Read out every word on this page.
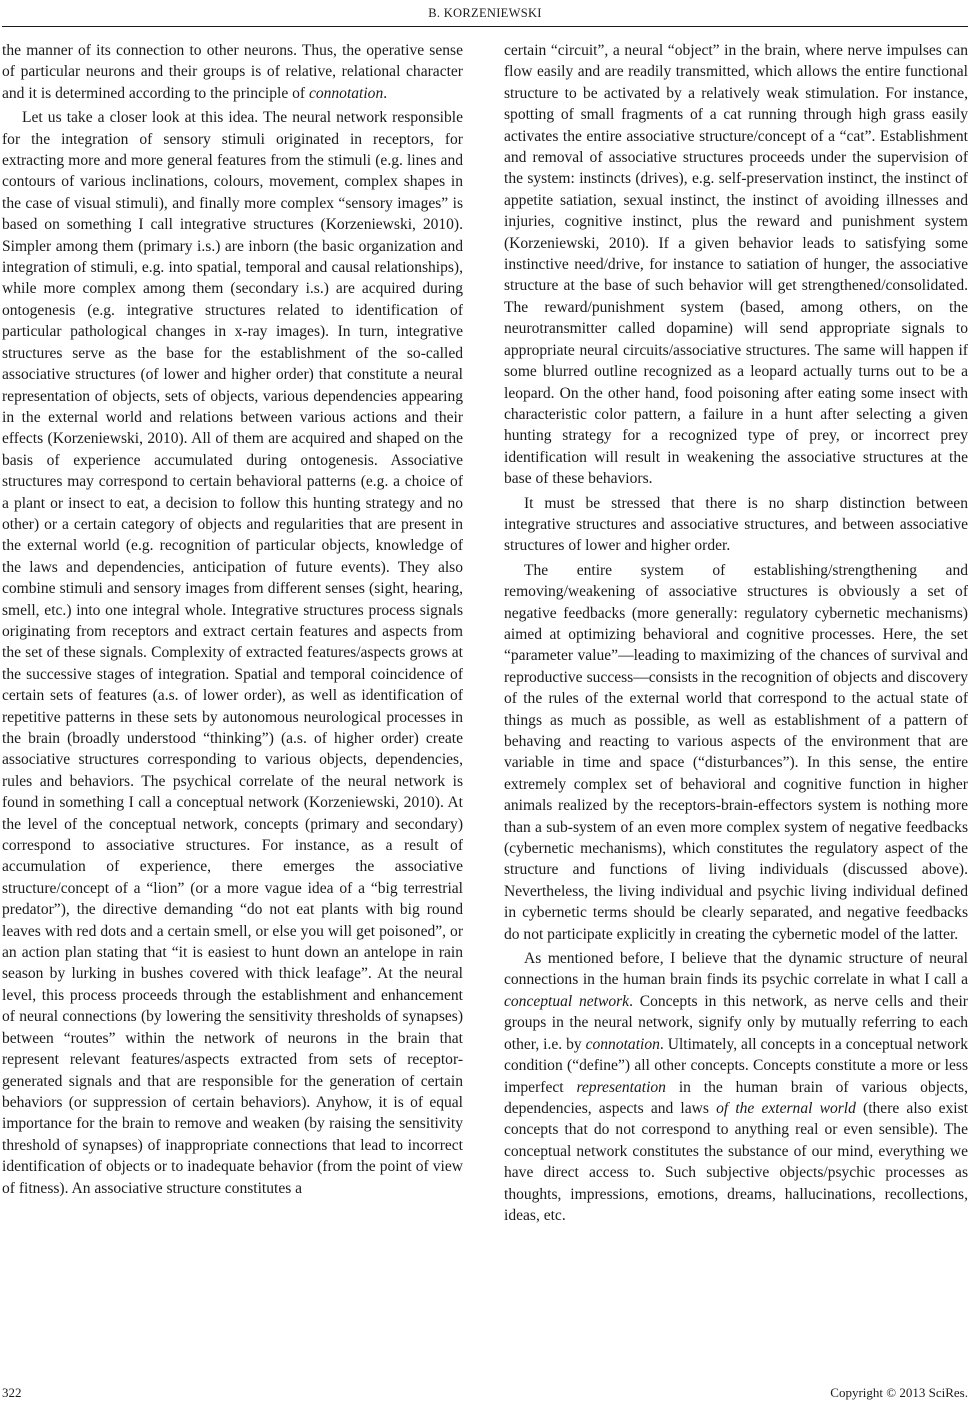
B. KORZENIEWSKI

the manner of its connection to other neurons. Thus, the operative sense of particular neurons and their groups is of relative, relational character and it is determined according to the principle of connotation.

Let us take a closer look at this idea. The neural network responsible for the integration of sensory stimuli originated in receptors, for extracting more and more general features from the stimuli (e.g. lines and contours of various inclinations, colours, movement, complex shapes in the case of visual stimuli), and finally more complex “sensory images” is based on something I call integrative structures (Korzeniewski, 2010). Simpler among them (primary i.s.) are inborn (the basic organization and integration of stimuli, e.g. into spatial, temporal and causal relationships), while more complex among them (secondary i.s.) are acquired during ontogenesis (e.g. integrative structures related to identification of particular pathological changes in x-ray images). In turn, integrative structures serve as the base for the establishment of the so-called associative structures (of lower and higher order) that constitute a neural representation of objects, sets of objects, various dependencies appearing in the external world and relations between various actions and their effects (Korzeniewski, 2010). All of them are acquired and shaped on the basis of experience accumulated during ontogenesis. Associative structures may correspond to certain behavioral patterns (e.g. a choice of a plant or insect to eat, a decision to follow this hunting strategy and no other) or a certain category of objects and regularities that are present in the external world (e.g. recognition of particular objects, knowledge of the laws and dependencies, anticipation of future events). They also combine stimuli and sensory images from different senses (sight, hearing, smell, etc.) into one integral whole. Integrative structures process signals originating from receptors and extract certain features and aspects from the set of these signals. Complexity of extracted features/aspects grows at the successive stages of integration. Spatial and temporal coincidence of certain sets of features (a.s. of lower order), as well as identification of repetitive patterns in these sets by autonomous neurological processes in the brain (broadly understood “thinking”) (a.s. of higher order) create associative structures corresponding to various objects, dependencies, rules and behaviors. The psychical correlate of the neural network is found in something I call a conceptual network (Korzeniewski, 2010). At the level of the conceptual network, concepts (primary and secondary) correspond to associative structures. For instance, as a result of accumulation of experience, there emerges the associative structure/concept of a “lion” (or a more vague idea of a “big terrestrial predator”), the directive demanding “do not eat plants with big round leaves with red dots and a certain smell, or else you will get poisoned”, or an action plan stating that “it is easiest to hunt down an antelope in rain season by lurking in bushes covered with thick leafage”. At the neural level, this process proceeds through the establishment and enhancement of neural connections (by lowering the sensitivity thresholds of synapses) between “routes” within the network of neurons in the brain that represent relevant features/aspects extracted from sets of receptor-generated signals and that are responsible for the generation of certain behaviors (or suppression of certain behaviors). Anyhow, it is of equal importance for the brain to remove and weaken (by raising the sensitivity threshold of synapses) of inappropriate connections that lead to incorrect identification of objects or to inadequate behavior (from the point of view of fitness). An associative structure constitutes a

certain “circuit”, a neural “object” in the brain, where nerve impulses can flow easily and are readily transmitted, which allows the entire functional structure to be activated by a relatively weak stimulation. For instance, spotting of small fragments of a cat running through high grass easily activates the entire associative structure/concept of a “cat”. Establishment and removal of associative structures proceeds under the supervision of the system: instincts (drives), e.g. self-preservation instinct, the instinct of appetite satiation, sexual instinct, the instinct of avoiding illnesses and injuries, cognitive instinct, plus the reward and punishment system (Korzeniewski, 2010). If a given behavior leads to satisfying some instinctive need/drive, for instance to satiation of hunger, the associative structure at the base of such behavior will get strengthened/consolidated. The reward/punishment system (based, among others, on the neurotransmitter called dopamine) will send appropriate signals to appropriate neural circuits/associative structures. The same will happen if some blurred outline recognized as a leopard actually turns out to be a leopard. On the other hand, food poisoning after eating some insect with characteristic color pattern, a failure in a hunt after selecting a given hunting strategy for a recognized type of prey, or incorrect prey identification will result in weakening the associative structures at the base of these behaviors.

It must be stressed that there is no sharp distinction between integrative structures and associative structures, and between associative structures of lower and higher order.

The entire system of establishing/strengthening and removing/weakening of associative structures is obviously a set of negative feedbacks (more generally: regulatory cybernetic mechanisms) aimed at optimizing behavioral and cognitive processes. Here, the set “parameter value”—leading to maximizing of the chances of survival and reproductive success—consists in the recognition of objects and discovery of the rules of the external world that correspond to the actual state of things as much as possible, as well as establishment of a pattern of behaving and reacting to various aspects of the environment that are variable in time and space (“disturbances”). In this sense, the entire extremely complex set of behavioral and cognitive function in higher animals realized by the receptors-brain-effectors system is nothing more than a sub-system of an even more complex system of negative feedbacks (cybernetic mechanisms), which constitutes the regulatory aspect of the structure and functions of living individuals (discussed above). Nevertheless, the living individual and psychic living individual defined in cybernetic terms should be clearly separated, and negative feedbacks do not participate explicitly in creating the cybernetic model of the latter.

As mentioned before, I believe that the dynamic structure of neural connections in the human brain finds its psychic correlate in what I call a conceptual network. Concepts in this network, as nerve cells and their groups in the neural network, signify only by mutually referring to each other, i.e. by connotation. Ultimately, all concepts in a conceptual network condition (“define”) all other concepts. Concepts constitute a more or less imperfect representation in the human brain of various objects, dependencies, aspects and laws of the external world (there also exist concepts that do not correspond to anything real or even sensible). The conceptual network constitutes the substance of our mind, everything we have direct access to. Such subjective objects/psychic processes as thoughts, impressions, emotions, dreams, hallucinations, recollections, ideas, etc.

322	Copyright © 2013 SciRes.
